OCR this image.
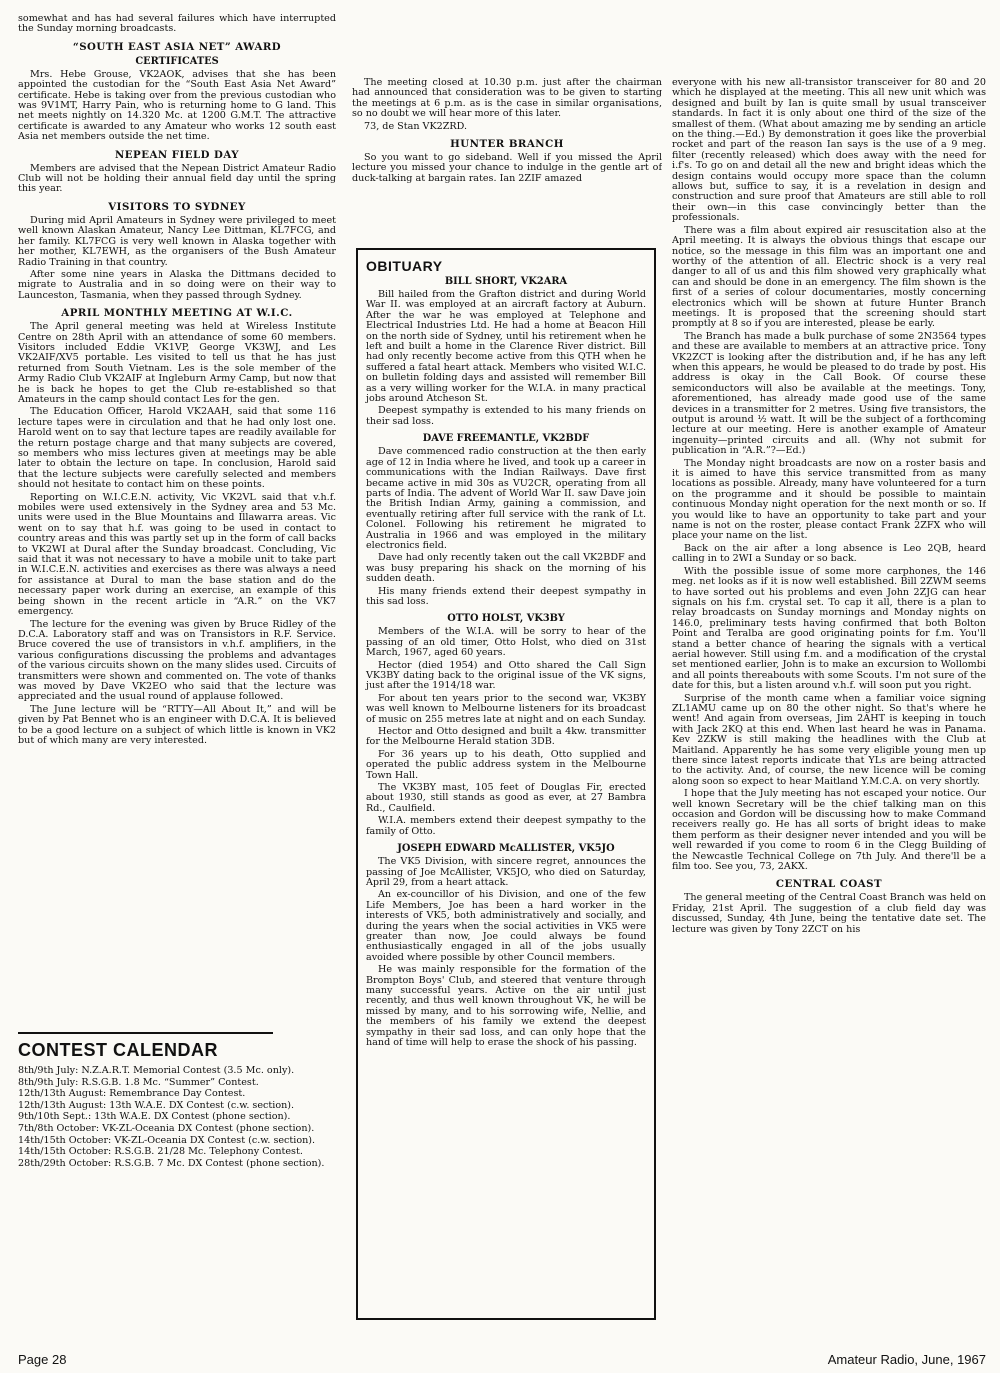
somewhat and has had several failures which have interrupted the Sunday morning broadcasts.

“SOUTH EAST ASIA NET” AWARD
CERTIFICATES

Mrs. Hebe Grouse, VK2AOK, advises that she has been appointed the custodian for the “South East Asia Net Award” certificate. Hebe is taking over from the previous custodian who was 9V1MT, Harry Pain, who is returning home to G land. This net meets nightly on 14.320 Mc. at 1200 G.M.T. The attractive certificate is awarded to any Amateur who works 12 south east Asia net members outside the net time.

NEPEAN FIELD DAY

Members are advised that the Nepean District Amateur Radio Club will not be holding their annual field day until the spring this year.

VISITORS TO SYDNEY

During mid April Amateurs in Sydney were privileged to meet well known Alaskan Amateur, Nancy Lee Dittman, KL7FCG, and her family. KL7FCG is very well known in Alaska together with her mother, KL7EWH, as the organisers of the Bush Amateur Radio Training in that country.

After some nine years in Alaska the Dittmans decided to migrate to Australia and in so doing were on their way to Launceston, Tasmania, when they passed through Sydney.

APRIL MONTHLY MEETING AT W.I.C.

The April general meeting was held at Wireless Institute Centre on 28th April with an attendance of some 60 members. Visitors included Eddie VK1VP, George VK3WJ, and Les VK2AIF/XV5 portable. Les visited to tell us that he has just returned from South Vietnam. Les is the sole member of the Army Radio Club VK2AIF at Ingleburn Army Camp, but now that he is back he hopes to get the Club re-established so that Amateurs in the camp should contact Les for the gen.

The Education Officer, Harold VK2AAH, said that some 116 lecture tapes were in circulation and that he had only lost one. Harold went on to say that lecture tapes are readily available for the return postage charge and that many subjects are covered, so members who miss lectures given at meetings may be able later to obtain the lecture on tape. In conclusion, Harold said that the lecture subjects were carefully selected and members should not hesitate to contact him on these points.

Reporting on W.I.C.E.N. activity, Vic VK2VL said that v.h.f. mobiles were used extensively in the Sydney area and 53 Mc. units were used in the Blue Mountains and Illawarra areas. Vic went on to say that h.f. was going to be used in contact to country areas and this was partly set up in the form of call backs to VK2WI at Dural after the Sunday broadcast. Concluding, Vic said that it was not necessary to have a mobile unit to take part in W.I.C.E.N. activities and exercises as there was always a need for assistance at Dural to man the base station and do the necessary paper work during an exercise, an example of this being shown in the recent article in “A.R.” on the VK7 emergency.

The lecture for the evening was given by Bruce Ridley of the D.C.A. Laboratory staff and was on Transistors in R.F. Service. Bruce covered the use of transistors in v.h.f. amplifiers, in the various configurations discussing the problems and advantages of the various circuits shown on the many slides used. Circuits of transmitters were shown and commented on. The vote of thanks was moved by Dave VK2EO who said that the lecture was appreciated and the usual round of applause followed.

The June lecture will be “RTTY—All About It,” and will be given by Pat Bennet who is an engineer with D.C.A. It is believed to be a good lecture on a subject of which little is known in VK2 but of which many are very interested.

CONTEST CALENDAR
8th/9th July: N.Z.A.R.T. Memorial Contest (3.5 Mc. only).
8th/9th July: R.S.G.B. 1.8 Mc. “Summer” Contest.
12th/13th August: Remembrance Day Contest.
12th/13th August: 13th W.A.E. DX Contest (c.w. section).
9th/10th Sept.: 13th W.A.E. DX Contest (phone section).
7th/8th October: VK-ZL-Oceania DX Contest (phone section).
14th/15th October: VK-ZL-Oceania DX Contest (c.w. section).
14th/15th October: R.S.G.B. 21/28 Mc. Telephony Contest.
28th/29th October: R.S.G.B. 7 Mc. DX Contest (phone section).

The meeting closed at 10.30 p.m. just after the chairman had announced that consideration was to be given to starting the meetings at 6 p.m. as is the case in similar organisations, so no doubt we will hear more of this later.

73, de Stan VK2ZRD.

HUNTER BRANCH

So you want to go sideband. Well if you missed the April lecture you missed your chance to indulge in the gentle art of duck-talking at bargain rates. Ian 2ZIF amazed

OBITUARY
BILL SHORT, VK2ARA

Bill hailed from the Grafton district and during World War II. was employed at an aircraft factory at Auburn. After the war he was employed at Telephone and Electrical Industries Ltd. He had a home at Beacon Hill on the north side of Sydney, until his retirement when he left and built a home in the Clarence River district. Bill had only recently become active from this QTH when he suffered a fatal heart attack. Members who visited W.I.C. on bulletin folding days and assisted will remember Bill as a very willing worker for the W.I.A. in many practical jobs around Atcheson St.

Deepest sympathy is extended to his many friends on their sad loss.

DAVE FREEMANTLE, VK2BDF

Dave commenced radio construction at the then early age of 12 in India where he lived, and took up a career in communications with the Indian Railways. Dave first became active in mid 30s as VU2CR, operating from all parts of India. The advent of World War II. saw Dave join the British Indian Army, gaining a commission, and eventually retiring after full service with the rank of Lt. Colonel. Following his retirement he migrated to Australia in 1966 and was employed in the military electronics field.

Dave had only recently taken out the call VK2BDF and was busy preparing his shack on the morning of his sudden death.

His many friends extend their deepest sympathy in this sad loss.

OTTO HOLST, VK3BY

Members of the W.I.A. will be sorry to hear of the passing of an old timer, Otto Holst, who died on 31st March, 1967, aged 60 years.

Hector (died 1954) and Otto shared the Call Sign VK3BY dating back to the original issue of the VK signs, just after the 1914/18 war.

For about ten years prior to the second war, VK3BY was well known to Melbourne listeners for its broadcast of music on 255 metres late at night and on each Sunday.

Hector and Otto designed and built a 4kw. transmitter for the Melbourne Herald station 3DB.

For 36 years up to his death, Otto supplied and operated the public address system in the Melbourne Town Hall.

The VK3BY mast, 105 feet of Douglas Fir, erected about 1930, still stands as good as ever, at 27 Bambra Rd., Caulfield.

W.I.A. members extend their deepest sympathy to the family of Otto.

JOSEPH EDWARD McALLISTER, VK5JO

The VK5 Division, with sincere regret, announces the passing of Joe McAllister, VK5JO, who died on Saturday, April 29, from a heart attack.

An ex-councillor of his Division, and one of the few Life Members, Joe has been a hard worker in the interests of VK5, both administratively and socially, and during the years when the social activities in VK5 were greater than now, Joe could always be found enthusiastically engaged in all of the jobs usually avoided where possible by other Council members.

He was mainly responsible for the formation of the Brompton Boys' Club, and steered that venture through many successful years. Active on the air until just recently, and thus well known throughout VK, he will be missed by many, and to his sorrowing wife, Nellie, and the members of his family we extend the deepest sympathy in their sad loss, and can only hope that the hand of time will help to erase the shock of his passing.

everyone with his new all-transistor transceiver for 80 and 20 which he displayed at the meeting. This all new unit which was designed and built by Ian is quite small by usual transceiver standards. In fact it is only about one third of the size of the smallest of them. (What about amazing me by sending an article on the thing.—Ed.) By demonstration it goes like the proverbial rocket and part of the reason Ian says is the use of a 9 meg. filter (recently released) which does away with the need for i.f's. To go on and detail all the new and bright ideas which the design contains would occupy more space than the column allows but, suffice to say, it is a revelation in design and construction and sure proof that Amateurs are still able to roll their own—in this case convincingly better than the professionals.

There was a film about expired air resuscitation also at the April meeting. It is always the obvious things that escape our notice, so the message in this film was an important one and worthy of the attention of all. Electric shock is a very real danger to all of us and this film showed very graphically what can and should be done in an emergency. The film shown is the first of a series of colour documentaries, mostly concerning electronics which will be shown at future Hunter Branch meetings. It is proposed that the screening should start promptly at 8 so if you are interested, please be early.

The Branch has made a bulk purchase of some 2N3564 types and these are available to members at an attractive price. Tony VK2ZCT is looking after the distribution and, if he has any left when this appears, he would be pleased to do trade by post. His address is okay in the Call Book. Of course these semiconductors will also be available at the meetings. Tony, aforementioned, has already made good use of the same devices in a transmitter for 2 metres. Using five transistors, the output is around ½ watt. It will be the subject of a forthcoming lecture at our meeting. Here is another example of Amateur ingenuity—printed circuits and all. (Why not submit for publication in “A.R.”?—Ed.)

The Monday night broadcasts are now on a roster basis and it is aimed to have this service transmitted from as many locations as possible. Already, many have volunteered for a turn on the programme and it should be possible to maintain continuous Monday night operation for the next month or so. If you would like to have an opportunity to take part and your name is not on the roster, please contact Frank 2ZFX who will place your name on the list.

Back on the air after a long absence is Leo 2QB, heard calling in to 2WI a Sunday or so back.

With the possible issue of some more carphones, the 146 meg. net looks as if it is now well established. Bill 2ZWM seems to have sorted out his problems and even John 2ZJG can hear signals on his f.m. crystal set. To cap it all, there is a plan to relay broadcasts on Sunday mornings and Monday nights on 146.0, preliminary tests having confirmed that both Bolton Point and Teralba are good originating points for f.m. You'll stand a better chance of hearing the signals with a vertical aerial however. Still using f.m. and a modification of the crystal set mentioned earlier, John is to make an excursion to Wollombi and all points thereabouts with some Scouts. I'm not sure of the date for this, but a listen around v.h.f. will soon put you right.

Surprise of the month came when a familiar voice signing ZL1AMU came up on 80 the other night. So that's where he went! And again from overseas, Jim 2AHT is keeping in touch with Jack 2KQ at this end. When last heard he was in Panama. Kev 2ZKW is still making the headlines with the Club at Maitland. Apparently he has some very eligible young men up there since latest reports indicate that YLs are being attracted to the activity. And, of course, the new licence will be coming along soon so expect to hear Maitland Y.M.C.A. on very shortly.

I hope that the July meeting has not escaped your notice. Our well known Secretary will be the chief talking man on this occasion and Gordon will be discussing how to make Command receivers really go. He has all sorts of bright ideas to make them perform as their designer never intended and you will be well rewarded if you come to room 6 in the Clegg Building of the Newcastle Technical College on 7th July. And there'll be a film too. See you, 73, 2AKX.

CENTRAL COAST

The general meeting of the Central Coast Branch was held on Friday, 21st April. The suggestion of a club field day was discussed, Sunday, 4th June, being the tentative date set. The lecture was given by Tony 2ZCT on his

Page 28	Amateur Radio, June, 1967
